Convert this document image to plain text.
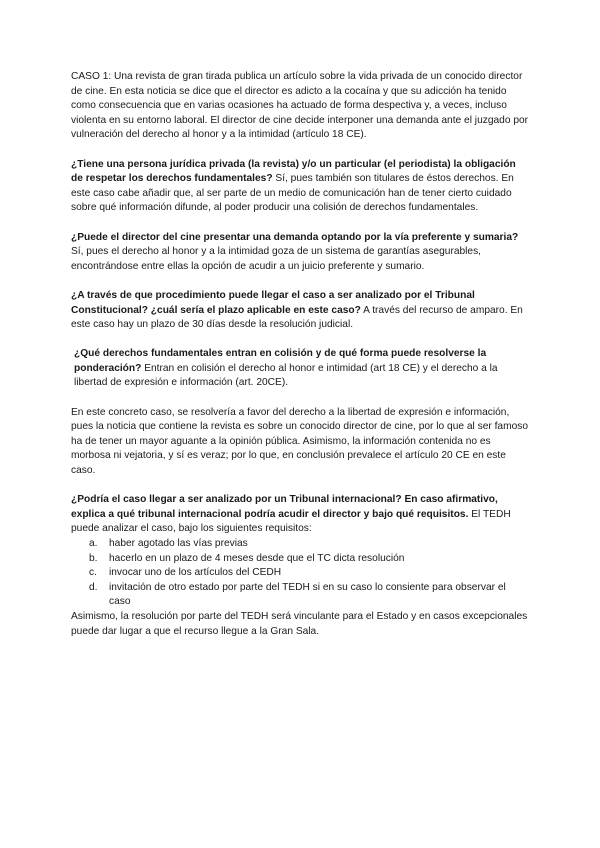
CASO 1: Una revista de gran tirada publica un artículo sobre la vida privada de un conocido director de cine. En esta noticia se dice que el director es adicto a la cocaína y que su adicción ha tenido como consecuencia que en varias ocasiones ha actuado de forma despectiva y, a veces, incluso violenta en su entorno laboral. El director de cine decide interponer una demanda ante el juzgado por vulneración del derecho al honor y a la intimidad (artículo 18 CE).

¿Tiene una persona jurídica privada (la revista) y/o un particular (el periodista) la obligación de respetar los derechos fundamentales? Sí, pues también son titulares de éstos derechos. En este caso cabe añadir que, al ser parte de un medio de comunicación han de tener cierto cuidado sobre qué información difunde, al poder producir una colisión de derechos fundamentales.

¿Puede el director del cine presentar una demanda optando por la vía preferente y sumaria? Sí, pues el derecho al honor y a la intimidad goza de un sistema de garantías asegurables, encontrándose entre ellas la opción de acudir a un juicio preferente y sumario.

¿A través de que procedimiento puede llegar el caso a ser analizado por el Tribunal Constitucional? ¿cuál sería el plazo aplicable en este caso? A través del recurso de amparo. En este caso hay un plazo de 30 días desde la resolución judicial.

¿Qué derechos fundamentales entran en colisión y de qué forma puede resolverse la ponderación? Entran en colisión el derecho al honor e intimidad (art 18 CE) y el derecho a la libertad de expresión e información (art. 20CE).

En este concreto caso, se resolvería a favor del derecho a la libertad de expresión e información, pues la noticia que contiene la revista es sobre un conocido director de cine, por lo que al ser famoso ha de tener un mayor aguante a la opinión pública. Asimismo, la información contenida no es morbosa ni vejatoria, y sí es veraz; por lo que, en conclusión prevalece el artículo 20 CE en este caso.

¿Podría el caso llegar a ser analizado por un Tribunal internacional? En caso afirmativo, explica a qué tribunal internacional podría acudir el director y bajo qué requisitos. El TEDH puede analizar el caso, bajo los siguientes requisitos:

a. haber agotado las vías previas
b. hacerlo en un plazo de 4 meses desde que el TC dicta resolución
c. invocar uno de los artículos del CEDH
d. invitación de otro estado por parte del TEDH si en su caso lo consiente para observar el caso

Asimismo, la resolución por parte del TEDH será vinculante para el Estado y en casos excepcionales puede dar lugar a que el recurso llegue a la Gran Sala.
